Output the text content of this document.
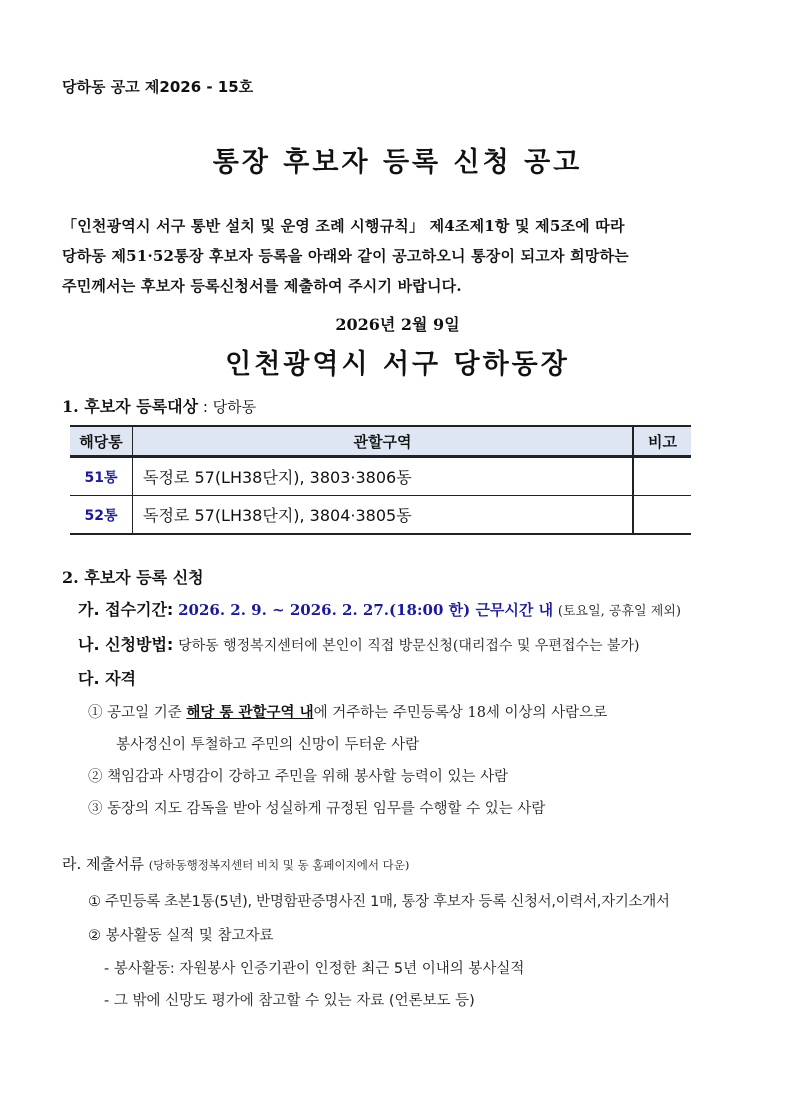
당하동 공고 제2026 - 15호
통장 후보자 등록 신청 공고
「인천광역시 서구 통반 설치 및 운영 조례 시행규칙」 제4조제1항 및 제5조에 따라
당하동 제51·52통장 후보자 등록을 아래와 같이 공고하오니 통장이 되고자 희망하는
주민께서는 후보자 등록신청서를 제출하여 주시기 바랍니다.
2026년 2월 9일
인천광역시 서구 당하동장
1. 후보자 등록대상 : 당하동
해당통	관할구역	비고
51통	독정로 57(LH38단지), 3803·3806동	
52통	독정로 57(LH38단지), 3804·3805동	
2. 후보자 등록 신청
가. 접수기간: 2026. 2. 9. ~ 2026. 2. 27.(18:00 한) 근무시간 내 (토요일, 공휴일 제외)
나. 신청방법: 당하동 행정복지센터에 본인이 직접 방문신청(대리접수 및 우편접수는 불가)
다. 자격
① 공고일 기준 해당 통 관할구역 내에 거주하는 주민등록상 18세 이상의 사람으로
봉사정신이 투철하고 주민의 신망이 두터운 사람
② 책임감과 사명감이 강하고 주민을 위해 봉사할 능력이 있는 사람
③ 동장의 지도 감독을 받아 성실하게 규정된 임무를 수행할 수 있는 사람
라. 제출서류 (당하동행정복지센터 비치 및 동 홈페이지에서 다운)
① 주민등록 초본1통(5년), 반명함판증명사진 1매, 통장 후보자 등록 신청서,이력서,자기소개서
② 봉사활동 실적 및 참고자료
- 봉사활동: 자원봉사 인증기관이 인정한 최근 5년 이내의 봉사실적
- 그 밖에 신망도 평가에 참고할 수 있는 자료 (언론보도 등)
